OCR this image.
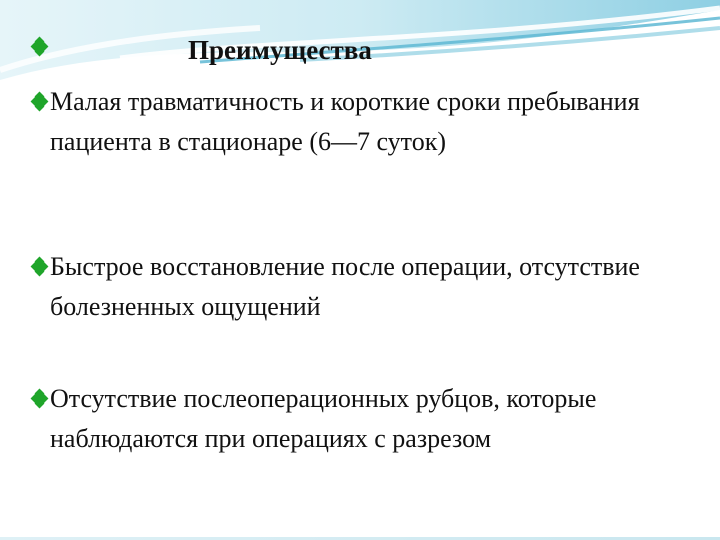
Преимущества

Малая травматичность и короткие сроки пребывания пациента в стационаре (6—7 суток)

Быстрое восстановление после операции, отсутствие болезненных ощущений

Отсутствие послеоперационных рубцов, которые наблюдаются при операциях с разрезом
